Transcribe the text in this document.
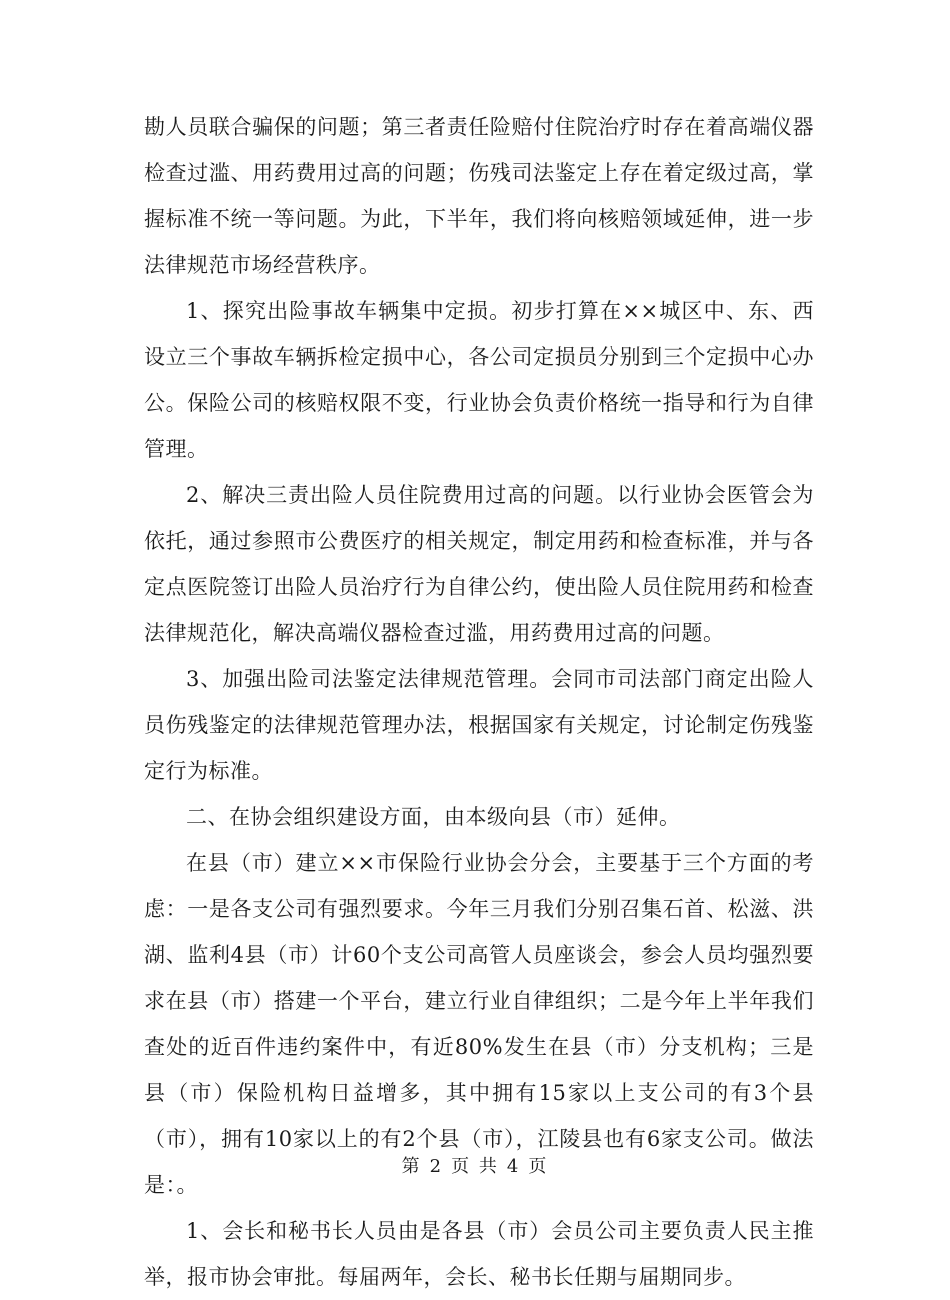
勘人员联合骗保的问题；第三者责任险赔付住院治疗时存在着高端仪器检查过滥、用药费用过高的问题；伤残司法鉴定上存在着定级过高，掌握标准不统一等问题。为此，下半年，我们将向核赔领域延伸，进一步法律规范市场经营秩序。

1、探究出险事故车辆集中定损。初步打算在××城区中、东、西设立三个事故车辆拆检定损中心，各公司定损员分别到三个定损中心办公。保险公司的核赔权限不变，行业协会负责价格统一指导和行为自律管理。

2、解决三责出险人员住院费用过高的问题。以行业协会医管会为依托，通过参照市公费医疗的相关规定，制定用药和检查标准，并与各定点医院签订出险人员治疗行为自律公约，使出险人员住院用药和检查法律规范化，解决高端仪器检查过滥，用药费用过高的问题。

3、加强出险司法鉴定法律规范管理。会同市司法部门商定出险人员伤残鉴定的法律规范管理办法，根据国家有关规定，讨论制定伤残鉴定行为标准。

二、在协会组织建设方面，由本级向县（市）延伸。

在县（市）建立××市保险行业协会分会，主要基于三个方面的考虑：一是各支公司有强烈要求。今年三月我们分别召集石首、松滋、洪湖、监利4县（市）计60个支公司高管人员座谈会，参会人员均强烈要求在县（市）搭建一个平台，建立行业自律组织；二是今年上半年我们查处的近百件违约案件中，有近80%发生在县（市）分支机构；三是县（市）保险机构日益增多，其中拥有15家以上支公司的有3个县（市），拥有10家以上的有2个县（市），江陵县也有6家支公司。做法是：。

1、会长和秘书长人员由是各县（市）会员公司主要负责人民主推举，报市协会审批。每届两年，会长、秘书长任期与届期同步。

第 2 页 共 4 页
